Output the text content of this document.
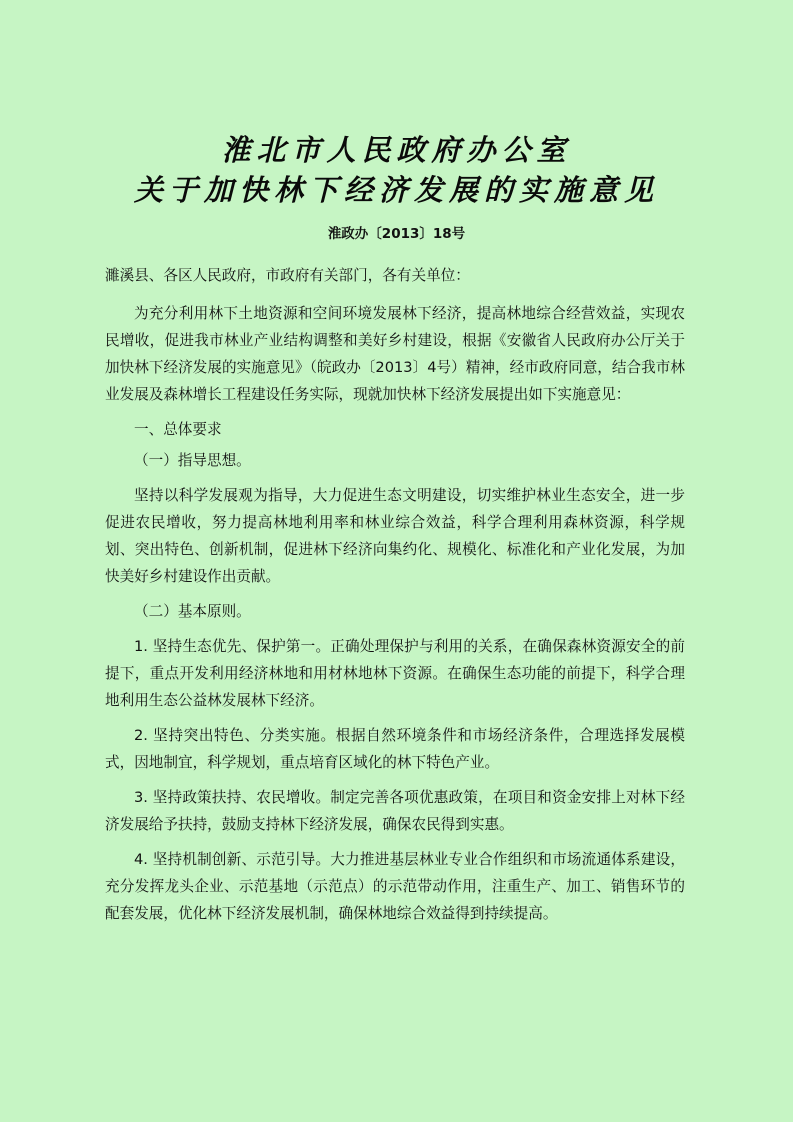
淮北市人民政府办公室
关于加快林下经济发展的实施意见
淮政办〔2013〕18号

濉溪县、各区人民政府，市政府有关部门，各有关单位：

为充分利用林下土地资源和空间环境发展林下经济，提高林地综合经营效益，实现农民增收，促进我市林业产业结构调整和美好乡村建设，根据《安徽省人民政府办公厅关于加快林下经济发展的实施意见》（皖政办〔2013〕4号）精神，经市政府同意，结合我市林业发展及森林增长工程建设任务实际，现就加快林下经济发展提出如下实施意见：

一、总体要求

（一）指导思想。

坚持以科学发展观为指导，大力促进生态文明建设，切实维护林业生态安全，进一步促进农民增收，努力提高林地利用率和林业综合效益，科学合理利用森林资源，科学规划、突出特色、创新机制，促进林下经济向集约化、规模化、标准化和产业化发展，为加快美好乡村建设作出贡献。

（二）基本原则。

1. 坚持生态优先、保护第一。正确处理保护与利用的关系，在确保森林资源安全的前提下，重点开发利用经济林地和用材林地林下资源。在确保生态功能的前提下，科学合理地利用生态公益林发展林下经济。

2. 坚持突出特色、分类实施。根据自然环境条件和市场经济条件，合理选择发展模式，因地制宜，科学规划，重点培育区域化的林下特色产业。

3. 坚持政策扶持、农民增收。制定完善各项优惠政策，在项目和资金安排上对林下经济发展给予扶持，鼓励支持林下经济发展，确保农民得到实惠。

4. 坚持机制创新、示范引导。大力推进基层林业专业合作组织和市场流通体系建设，充分发挥龙头企业、示范基地（示范点）的示范带动作用，注重生产、加工、销售环节的配套发展，优化林下经济发展机制，确保林地综合效益得到持续提高。
